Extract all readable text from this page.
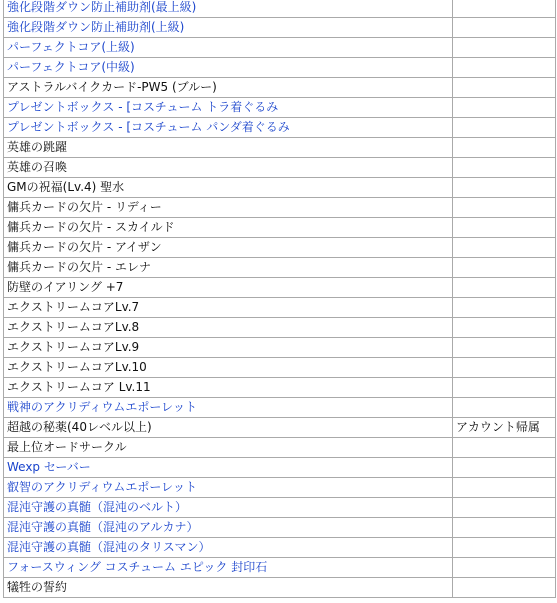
強化段階ダウン防止補助剤(最上級)	
強化段階ダウン防止補助剤(上級)	
パーフェクトコア(上級)	
パーフェクトコア(中級)	
アストラルバイクカード-PW5 (ブルー)	
プレゼントボックス - [コスチューム トラ着ぐるみ	
プレゼントボックス - [コスチューム パンダ着ぐるみ	
英雄の跳躍	
英雄の召喚	
GMの祝福(Lv.4) 聖水	
傭兵カードの欠片 - リディー	
傭兵カードの欠片 - スカイルド	
傭兵カードの欠片 - アイザン	
傭兵カードの欠片 - エレナ	
防壁のイアリング +7	
エクストリームコアLv.7	
エクストリームコアLv.8	
エクストリームコアLv.9	
エクストリームコアLv.10	
エクストリームコア Lv.11	
戦神のアクリディウムエポーレット	
超越の秘薬(40レベル以上)	アカウント帰属
最上位オードサークル	
Wexp セーバー	
叡智のアクリディウムエポーレット	
混沌守護の真髄（混沌のベルト）	
混沌守護の真髄（混沌のアルカナ）	
混沌守護の真髄（混沌のタリスマン）	
フォースウィング コスチューム エピック 封印石	
犠牲の誓約	
